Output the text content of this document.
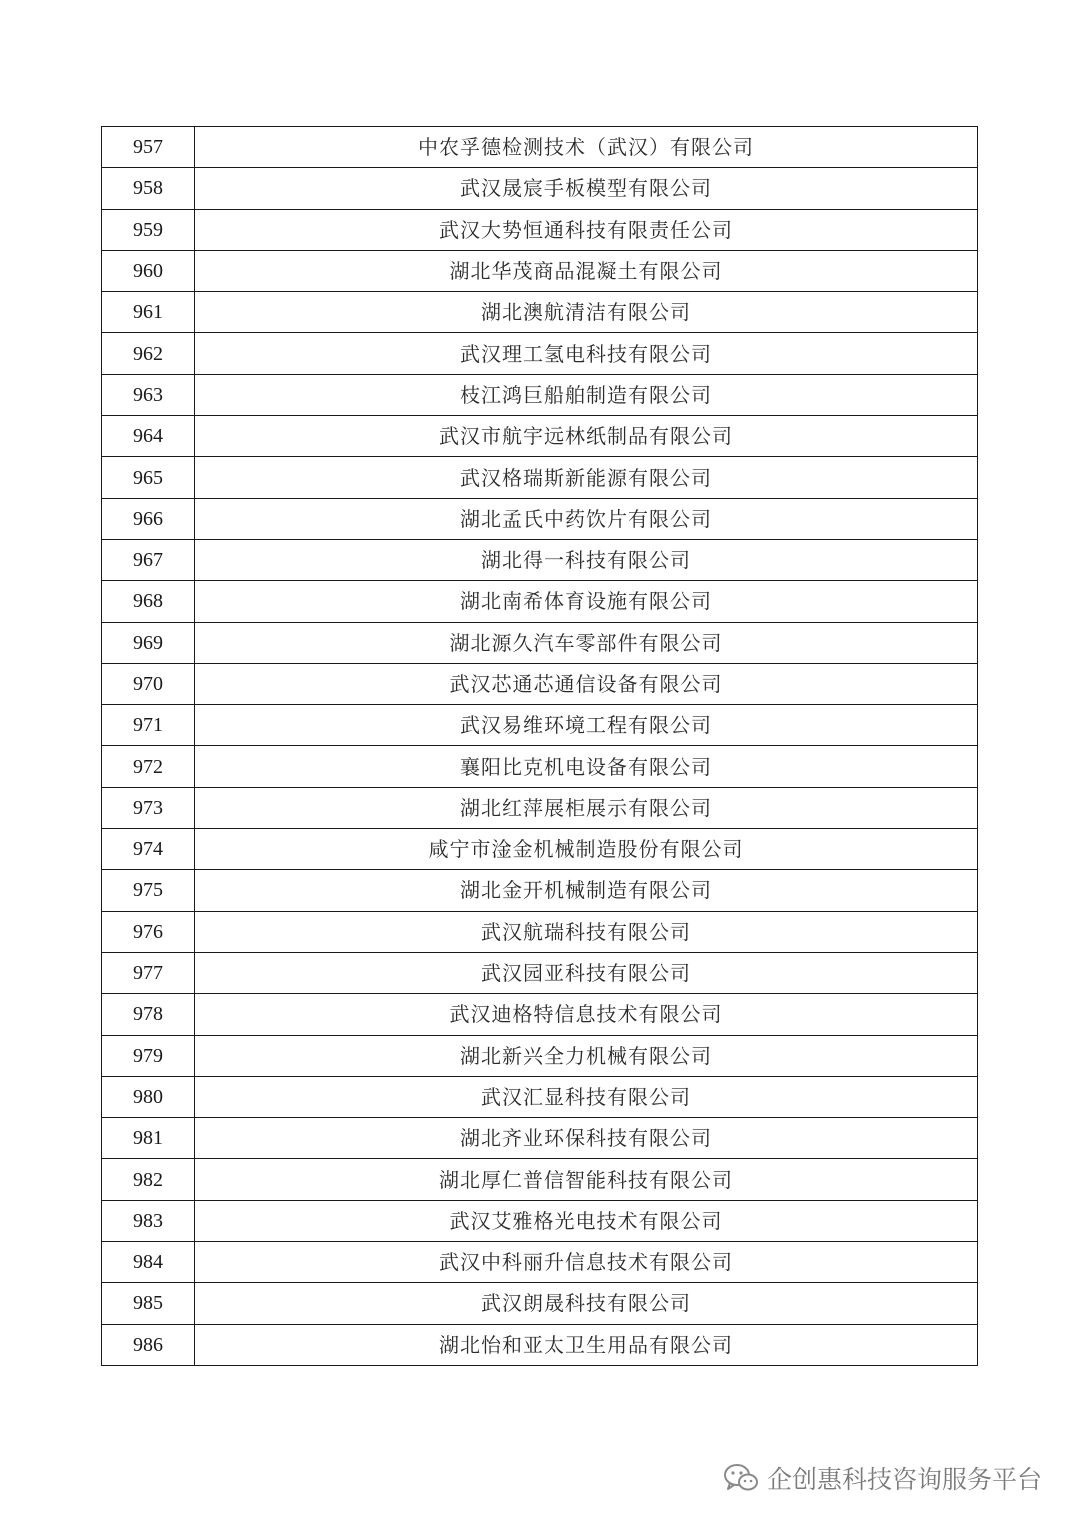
957	中农孚德检测技术（武汉）有限公司
958	武汉晟宸手板模型有限公司
959	武汉大势恒通科技有限责任公司
960	湖北华茂商品混凝土有限公司
961	湖北澳航清洁有限公司
962	武汉理工氢电科技有限公司
963	枝江鸿巨船舶制造有限公司
964	武汉市航宇远林纸制品有限公司
965	武汉格瑞斯新能源有限公司
966	湖北孟氏中药饮片有限公司
967	湖北得一科技有限公司
968	湖北南希体育设施有限公司
969	湖北源久汽车零部件有限公司
970	武汉芯通芯通信设备有限公司
971	武汉易维环境工程有限公司
972	襄阳比克机电设备有限公司
973	湖北红萍展柜展示有限公司
974	咸宁市淦金机械制造股份有限公司
975	湖北金开机械制造有限公司
976	武汉航瑞科技有限公司
977	武汉园亚科技有限公司
978	武汉迪格特信息技术有限公司
979	湖北新兴全力机械有限公司
980	武汉汇显科技有限公司
981	湖北齐业环保科技有限公司
982	湖北厚仁普信智能科技有限公司
983	武汉艾雅格光电技术有限公司
984	武汉中科丽升信息技术有限公司
985	武汉朗晟科技有限公司
986	湖北怡和亚太卫生用品有限公司
企创惠科技咨询服务平台
